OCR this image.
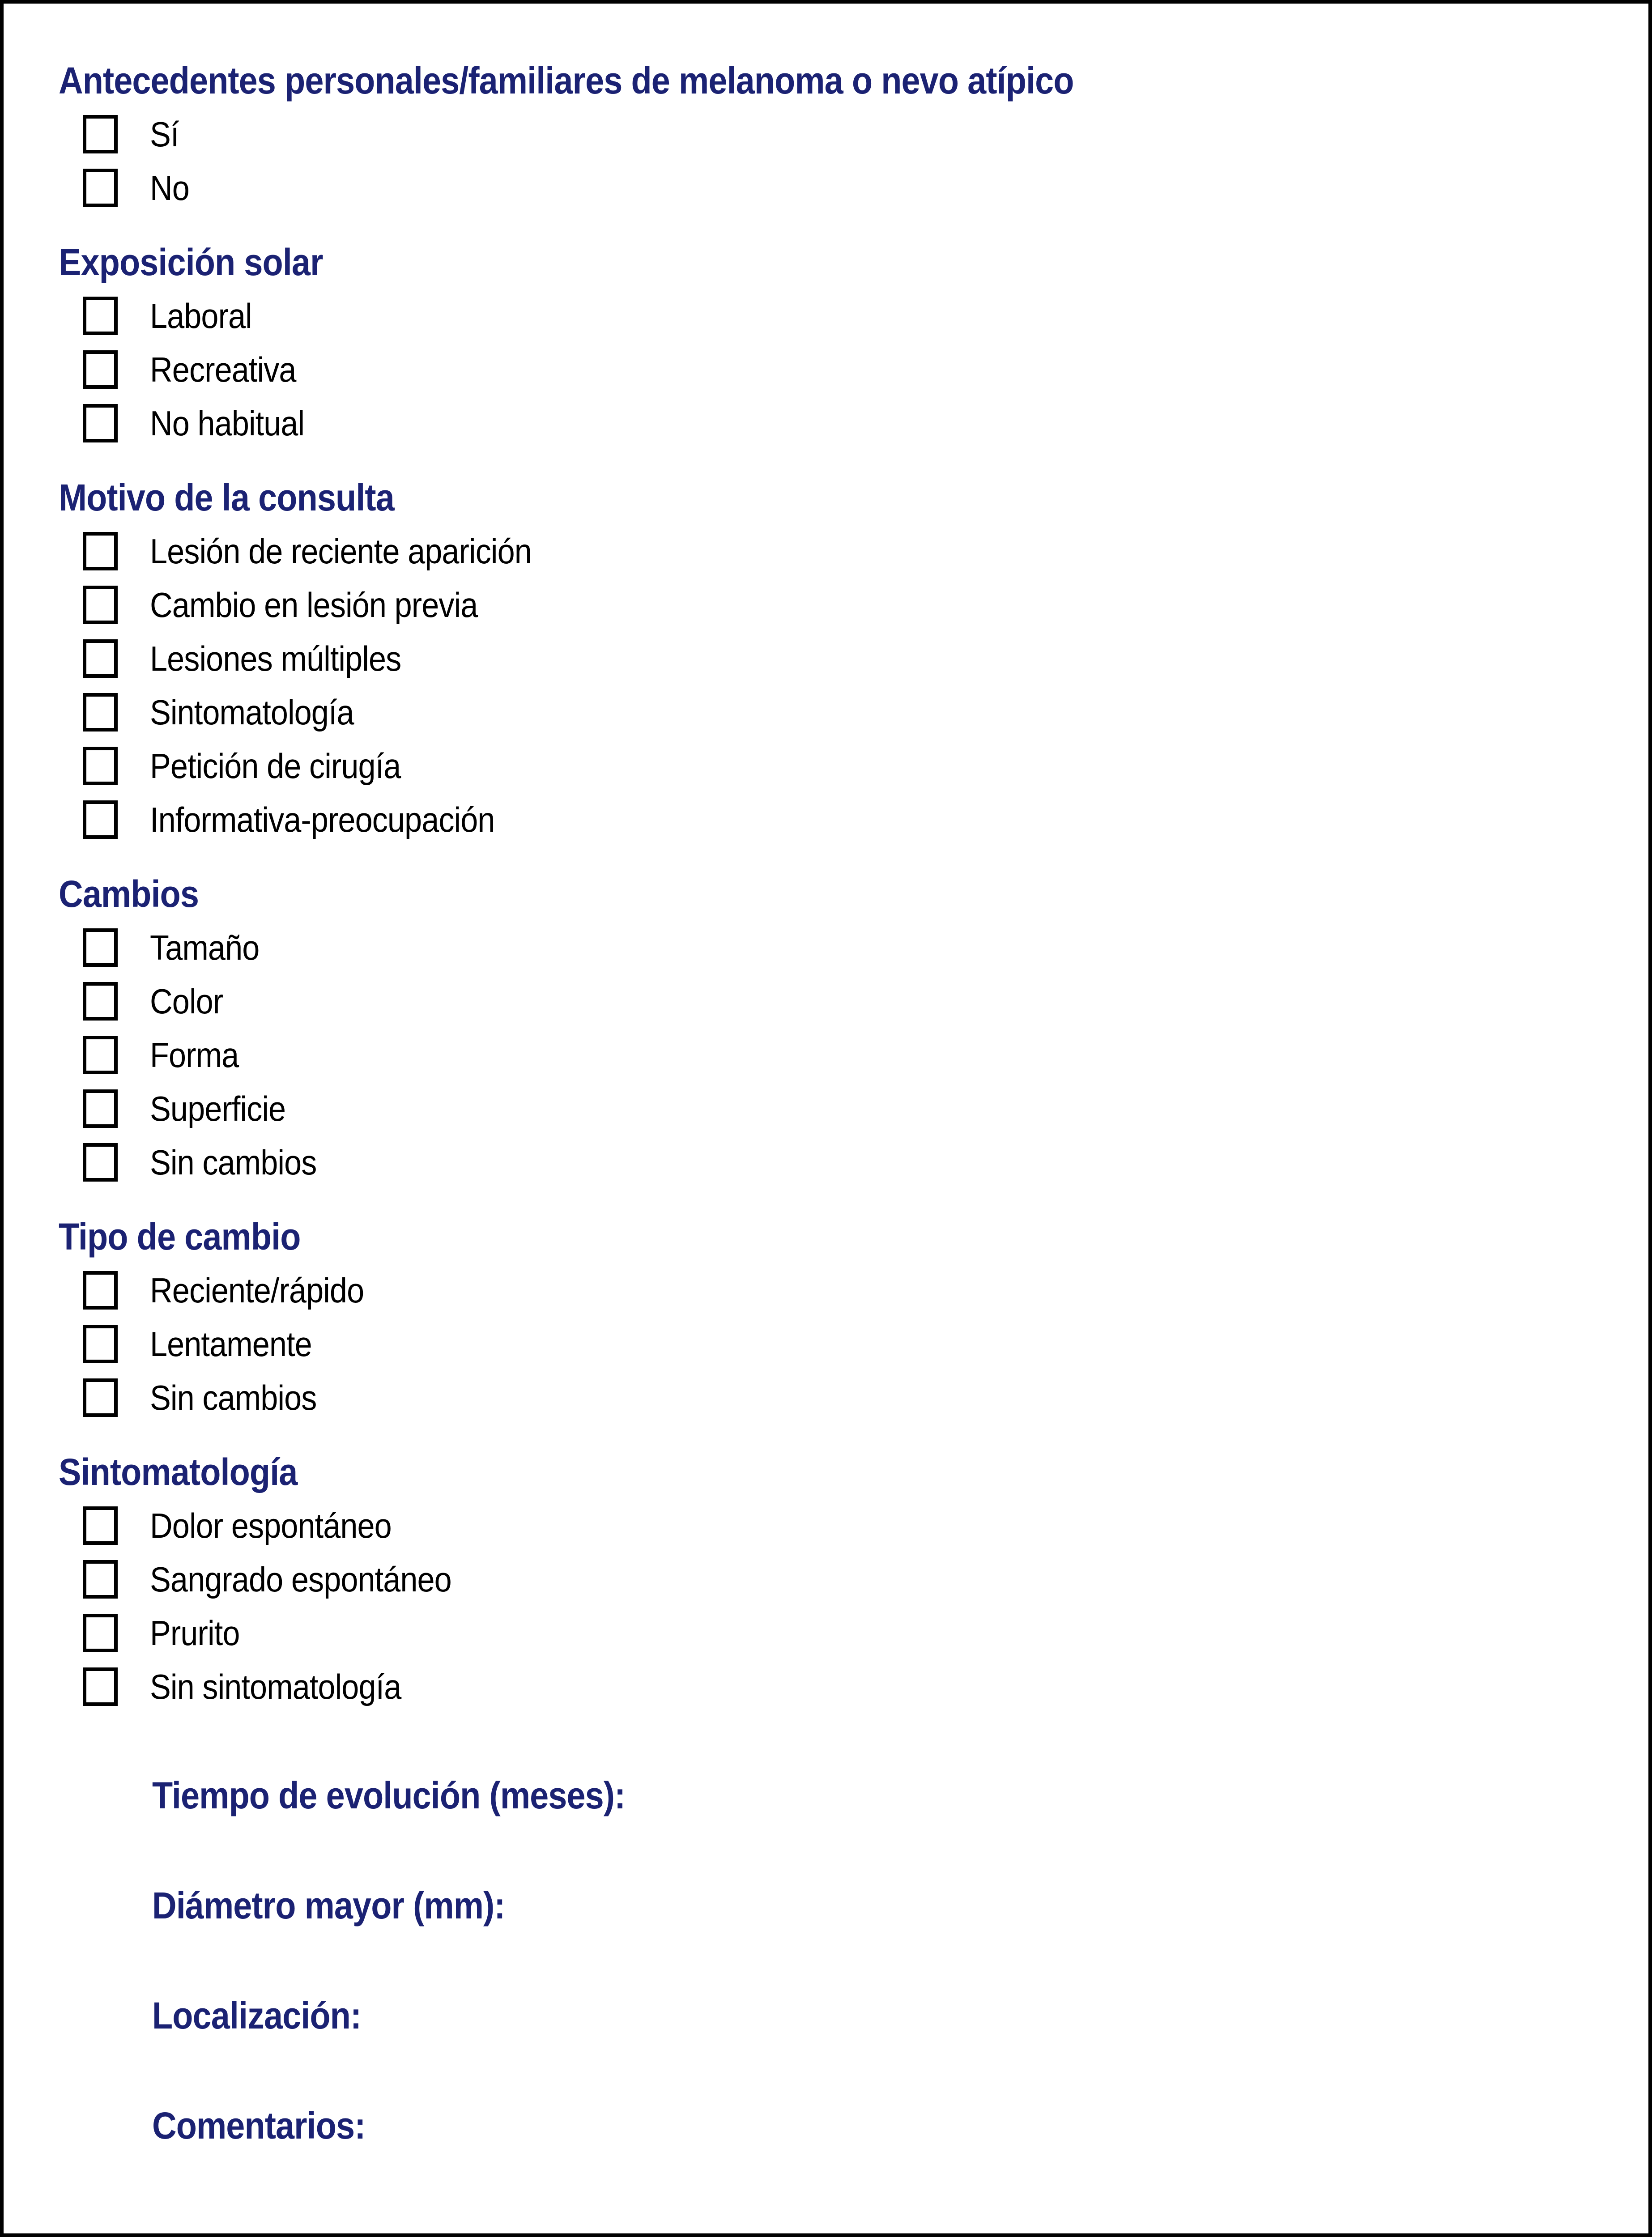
Antecedentes personales/familiares de melanoma o nevo atípico
Sí
No
Exposición solar
Laboral
Recreativa
No habitual
Motivo de la consulta
Lesión de reciente aparición
Cambio en lesión previa
Lesiones múltiples
Sintomatología
Petición de cirugía
Informativa-preocupación
Cambios
Tamaño
Color
Forma
Superficie
Sin cambios
Tipo de cambio
Reciente/rápido
Lentamente
Sin cambios
Sintomatología
Dolor espontáneo
Sangrado espontáneo
Prurito
Sin sintomatología
Tiempo de evolución (meses):
Diámetro mayor (mm):
Localización:
Comentarios:
